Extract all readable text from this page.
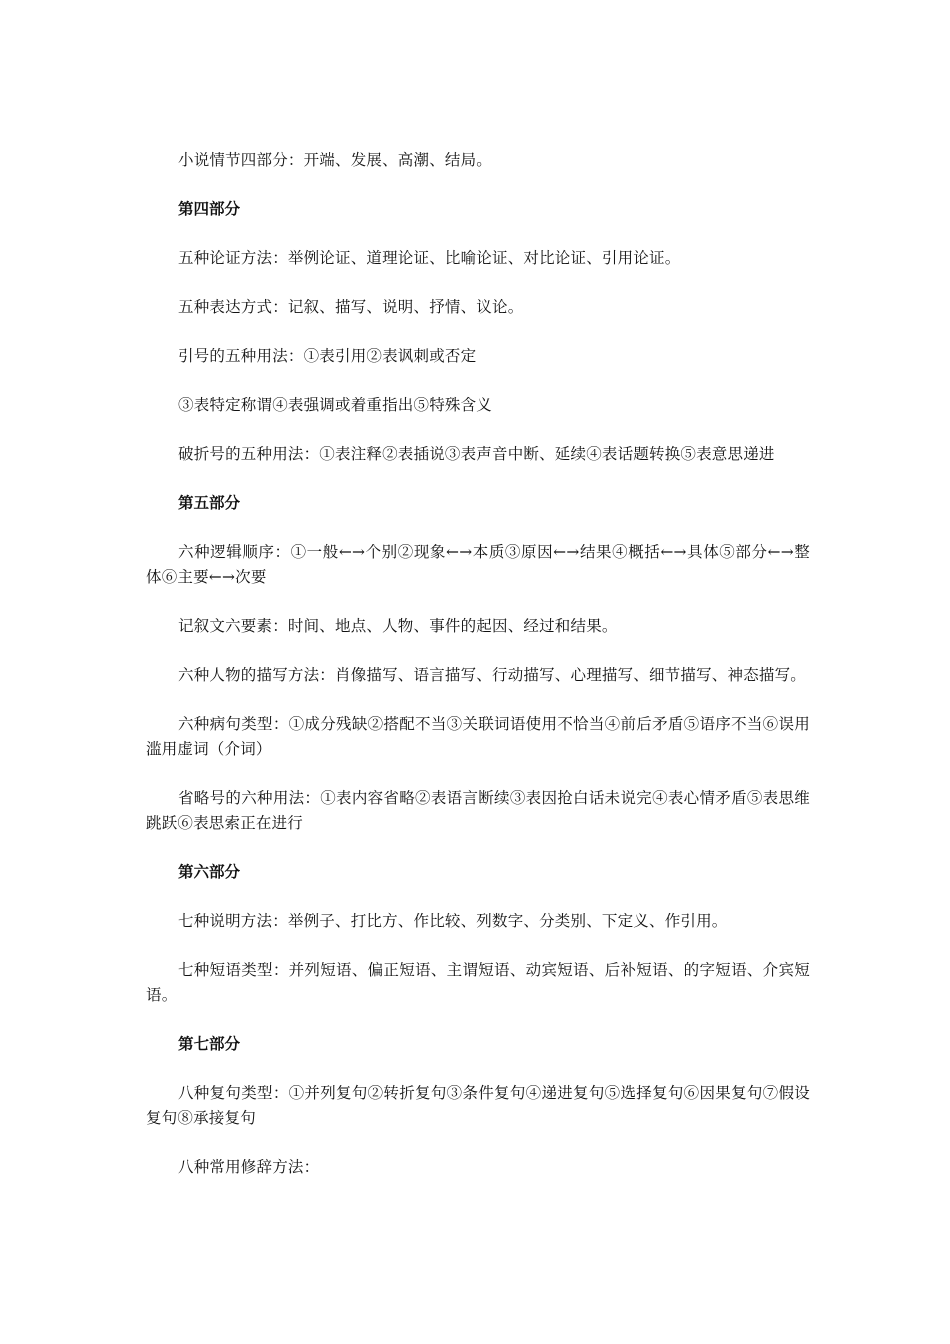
小说情节四部分：开端、发展、高潮、结局。

第四部分

五种论证方法：举例论证、道理论证、比喻论证、对比论证、引用论证。

五种表达方式：记叙、描写、说明、抒情、议论。

引号的五种用法：①表引用②表讽刺或否定

③表特定称谓④表强调或着重指出⑤特殊含义

破折号的五种用法：①表注释②表插说③表声音中断、延续④表话题转换⑤表意思递进

第五部分

六种逻辑顺序：①一般←→个别②现象←→本质③原因←→结果④概括←→具体⑤部分←→整体⑥主要←→次要

记叙文六要素：时间、地点、人物、事件的起因、经过和结果。

六种人物的描写方法：肖像描写、语言描写、行动描写、心理描写、细节描写、神态描写。

六种病句类型：①成分残缺②搭配不当③关联词语使用不恰当④前后矛盾⑤语序不当⑥误用滥用虚词（介词）

省略号的六种用法：①表内容省略②表语言断续③表因抢白话未说完④表心情矛盾⑤表思维跳跃⑥表思索正在进行

第六部分

七种说明方法：举例子、打比方、作比较、列数字、分类别、下定义、作引用。

七种短语类型：并列短语、偏正短语、主谓短语、动宾短语、后补短语、的字短语、介宾短语。

第七部分

八种复句类型：①并列复句②转折复句③条件复句④递进复句⑤选择复句⑥因果复句⑦假设复句⑧承接复句

八种常用修辞方法：
